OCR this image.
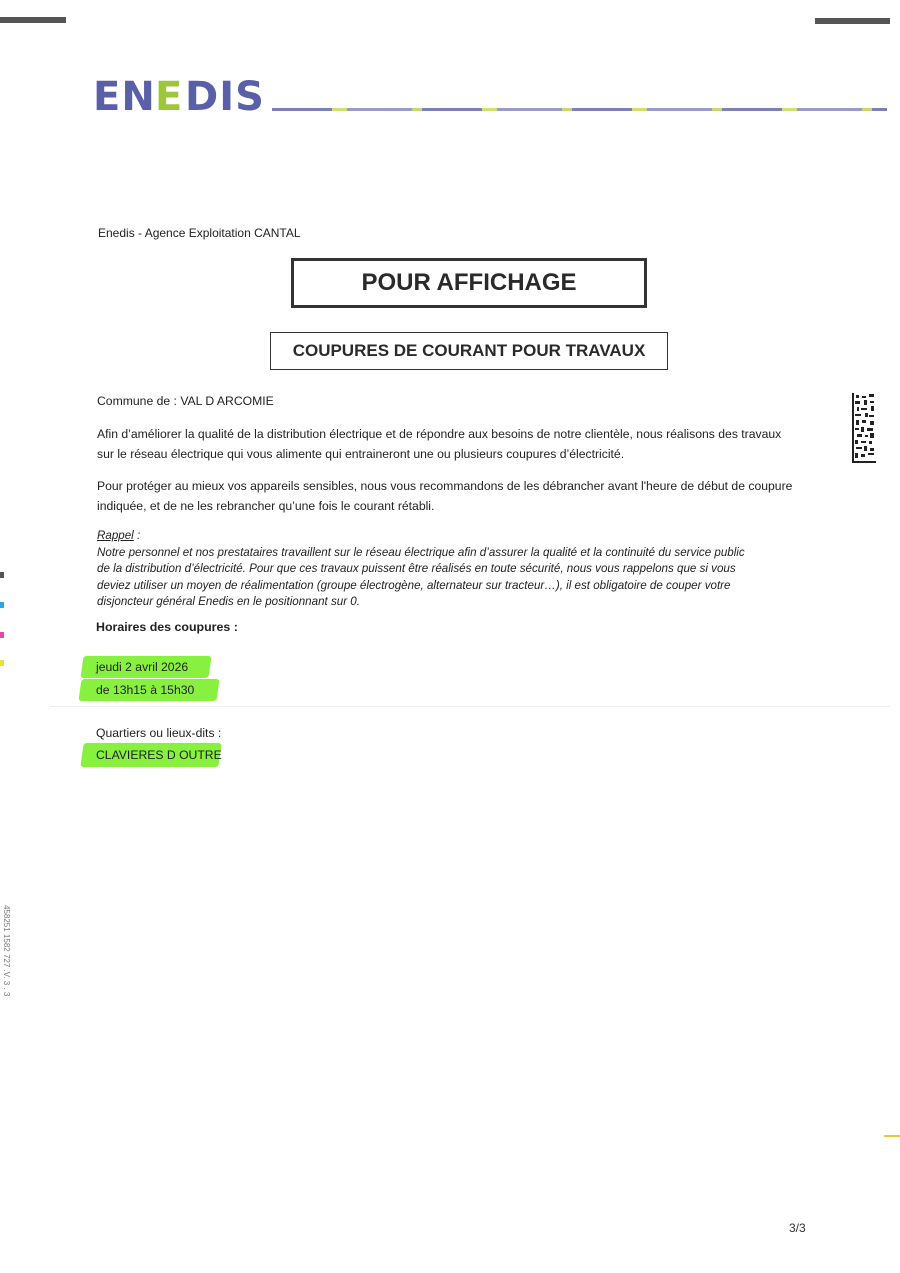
EN E DIS
Enedis - Agence Exploitation CANTAL
POUR AFFICHAGE
COUPURES DE COURANT POUR TRAVAUX
Commune de : VAL D ARCOMIE
Afin d’améliorer la qualité de la distribution électrique et de répondre aux besoins de notre clientèle, nous réalisons des travaux
sur le réseau électrique qui vous alimente qui entraineront une ou plusieurs coupures d’électricité.
Pour protéger au mieux vos appareils sensibles, nous vous recommandons de les débrancher avant l'heure de début de coupure
indiquée, et de ne les rebrancher qu’une fois le courant rétabli.
Rappel :
Notre personnel et nos prestataires travaillent sur le réseau électrique afin d’assurer la qualité et la continuité du service public
de la distribution d’électricité. Pour que ces travaux puissent être réalisés en toute sécurité, nous vous rappelons que si vous
deviez utiliser un moyen de réalimentation (groupe électrogène, alternateur sur tracteur…), il est obligatoire de couper votre
disjoncteur général Enedis en le positionnant sur 0.
Horaires des coupures :
jeudi 2 avril 2026
de 13h15 à 15h30
Quartiers ou lieux-dits :
CLAVIERES D OUTRE
458251 1582 727 .V. 3 . 3
3/3
